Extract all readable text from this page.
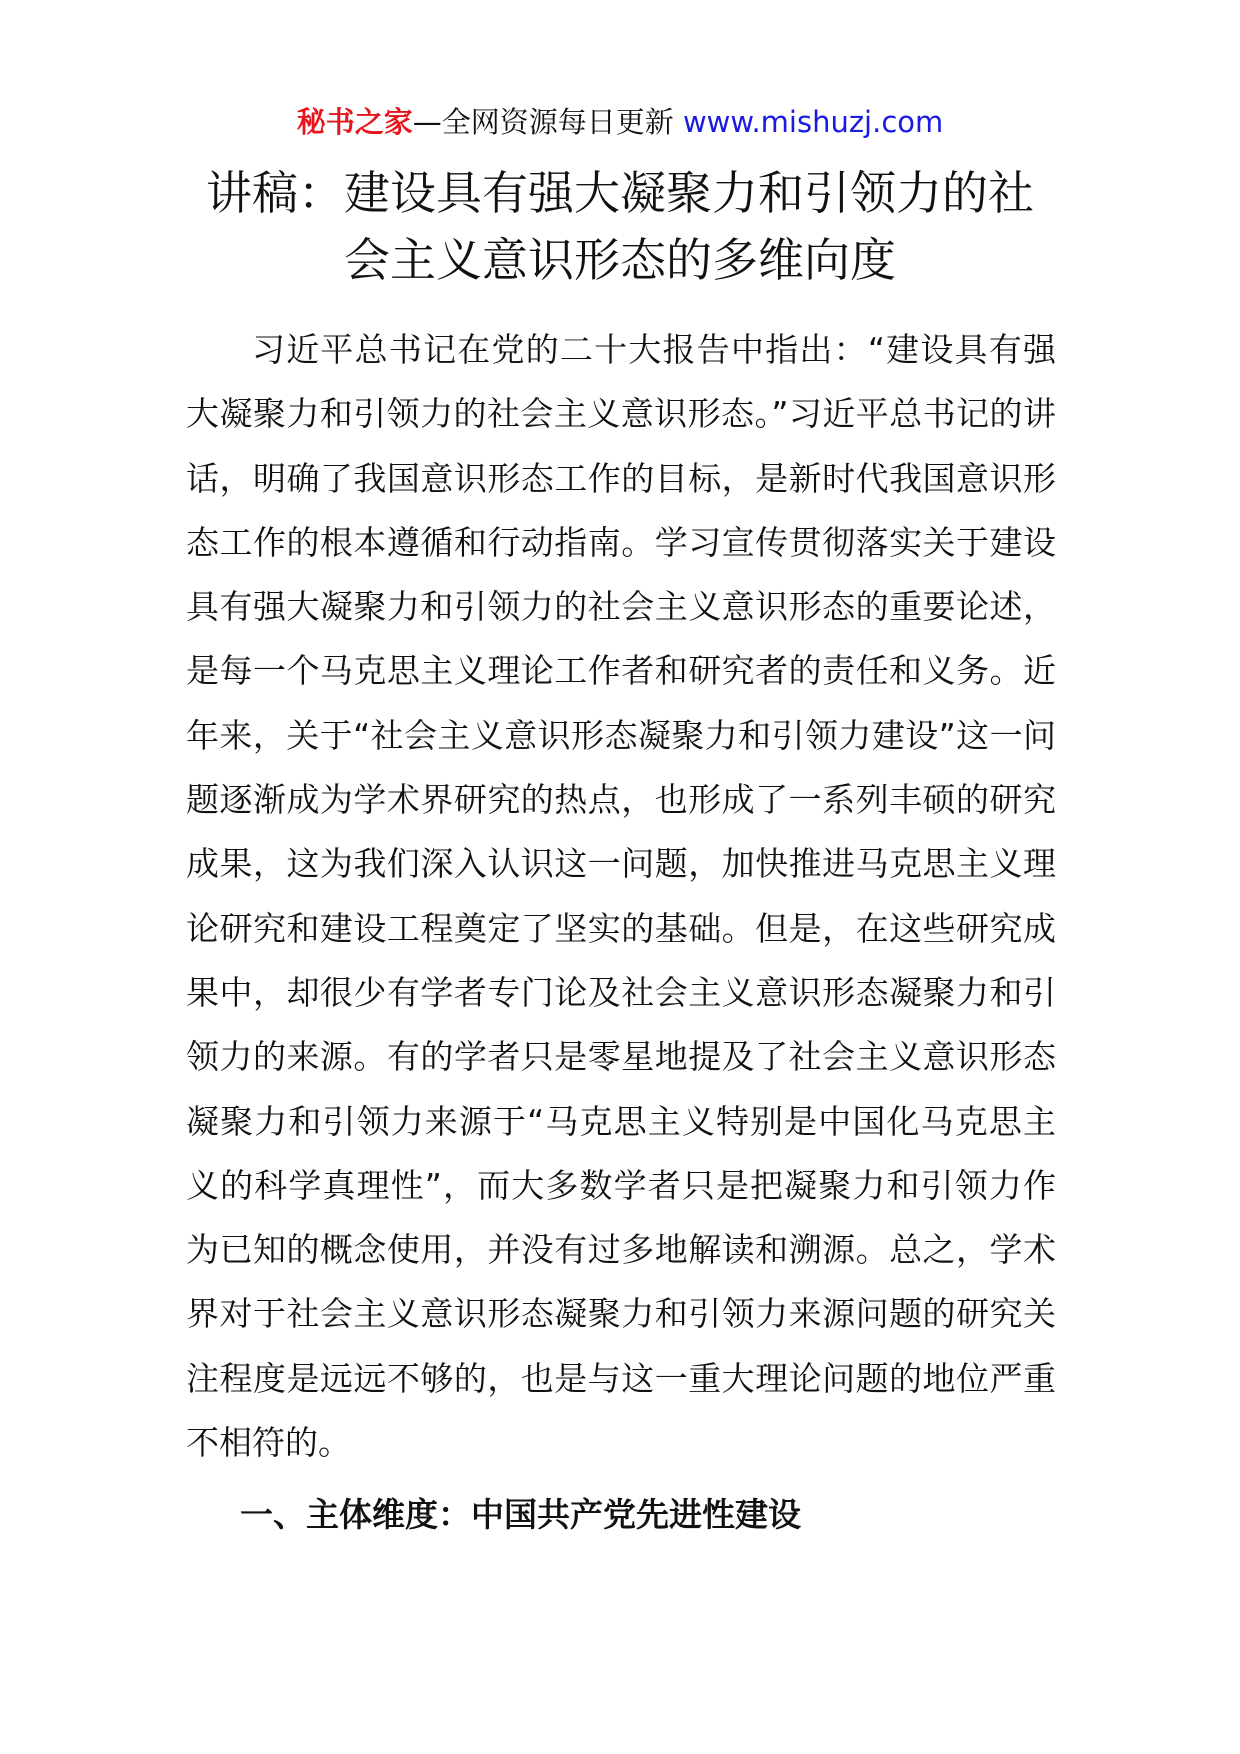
秘书之家—全网资源每日更新 www.mishuzj.com
讲稿：建设具有强大凝聚力和引领力的社
会主义意识形态的多维向度

习近平总书记在党的二十大报告中指出：“建设具有强大凝聚力和引领力的社会主义意识形态。”习近平总书记的讲话，明确了我国意识形态工作的目标，是新时代我国意识形态工作的根本遵循和行动指南。学习宣传贯彻落实关于建设具有强大凝聚力和引领力的社会主义意识形态的重要论述，是每一个马克思主义理论工作者和研究者的责任和义务。近年来，关于“社会主义意识形态凝聚力和引领力建设”这一问题逐渐成为学术界研究的热点，也形成了一系列丰硕的研究成果，这为我们深入认识这一问题，加快推进马克思主义理论研究和建设工程奠定了坚实的基础。但是，在这些研究成果中，却很少有学者专门论及社会主义意识形态凝聚力和引领力的来源。有的学者只是零星地提及了社会主义意识形态凝聚力和引领力来源于“马克思主义特别是中国化马克思主义的科学真理性”，而大多数学者只是把凝聚力和引领力作为已知的概念使用，并没有过多地解读和溯源。总之，学术界对于社会主义意识形态凝聚力和引领力来源问题的研究关注程度是远远不够的，也是与这一重大理论问题的地位严重不相符的。

一、主体维度：中国共产党先进性建设
